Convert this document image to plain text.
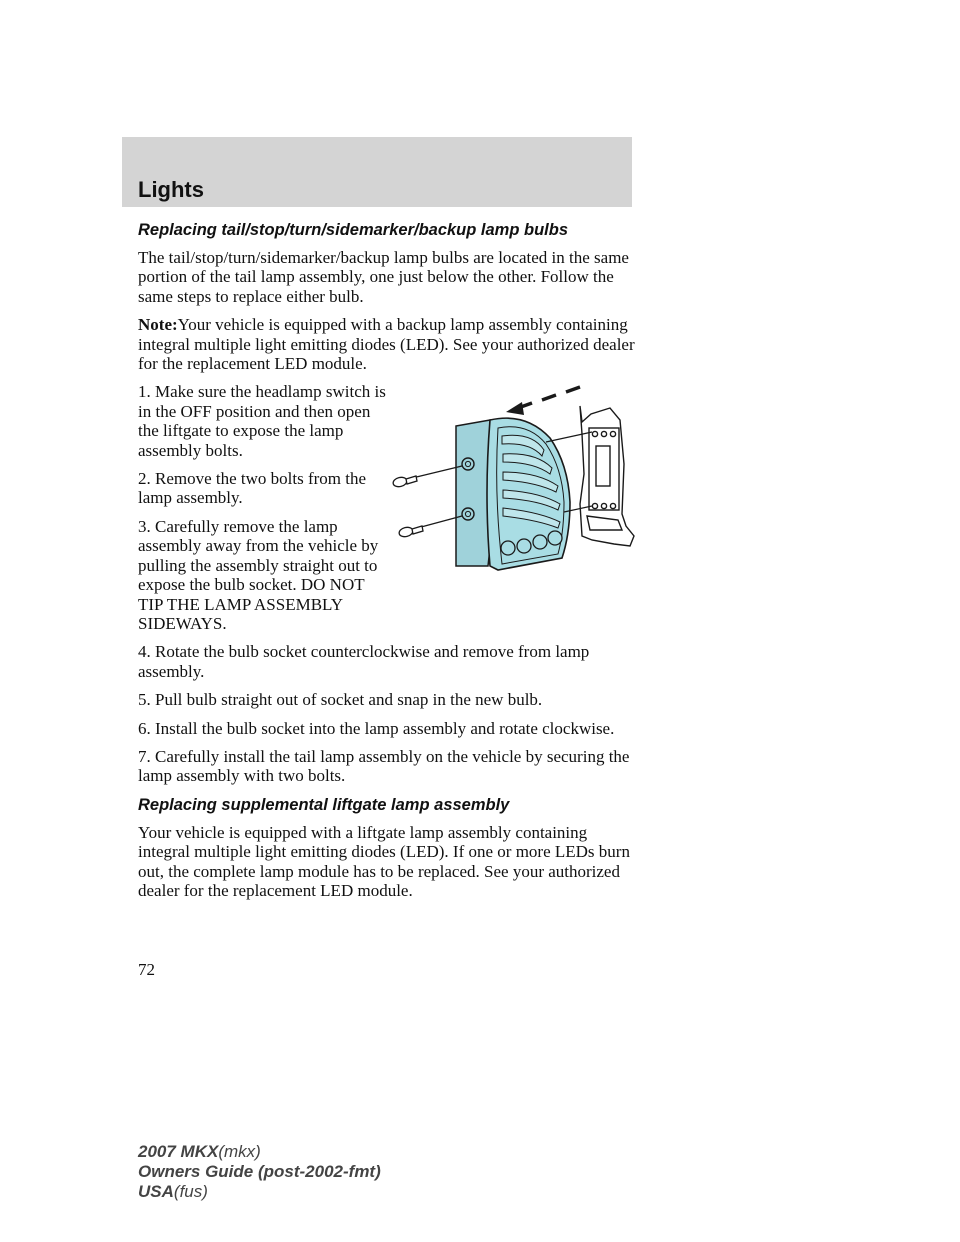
Lights
Replacing tail/stop/turn/sidemarker/backup lamp bulbs

The tail/stop/turn/sidemarker/backup lamp bulbs are located in the same portion of the tail lamp assembly, one just below the other. Follow the same steps to replace either bulb.

Note:Your vehicle is equipped with a backup lamp assembly containing integral multiple light emitting diodes (LED). See your authorized dealer for the replacement LED module.

1. Make sure the headlamp switch is in the OFF position and then open the liftgate to expose the lamp assembly bolts.

2. Remove the two bolts from the lamp assembly.

3. Carefully remove the lamp assembly away from the vehicle by pulling the assembly straight out to expose the bulb socket. DO NOT TIP THE LAMP ASSEMBLY SIDEWAYS.

4. Rotate the bulb socket counterclockwise and remove from lamp assembly.

5. Pull bulb straight out of socket and snap in the new bulb.

6. Install the bulb socket into the lamp assembly and rotate clockwise.

7. Carefully install the tail lamp assembly on the vehicle by securing the lamp assembly with two bolts.

Replacing supplemental liftgate lamp assembly

Your vehicle is equipped with a liftgate lamp assembly containing integral multiple light emitting diodes (LED). If one or more LEDs burn out, the complete lamp module has to be replaced. See your authorized dealer for the replacement LED module.

72

2007 MKX(mkx)
Owners Guide (post-2002-fmt)
USA(fus)
